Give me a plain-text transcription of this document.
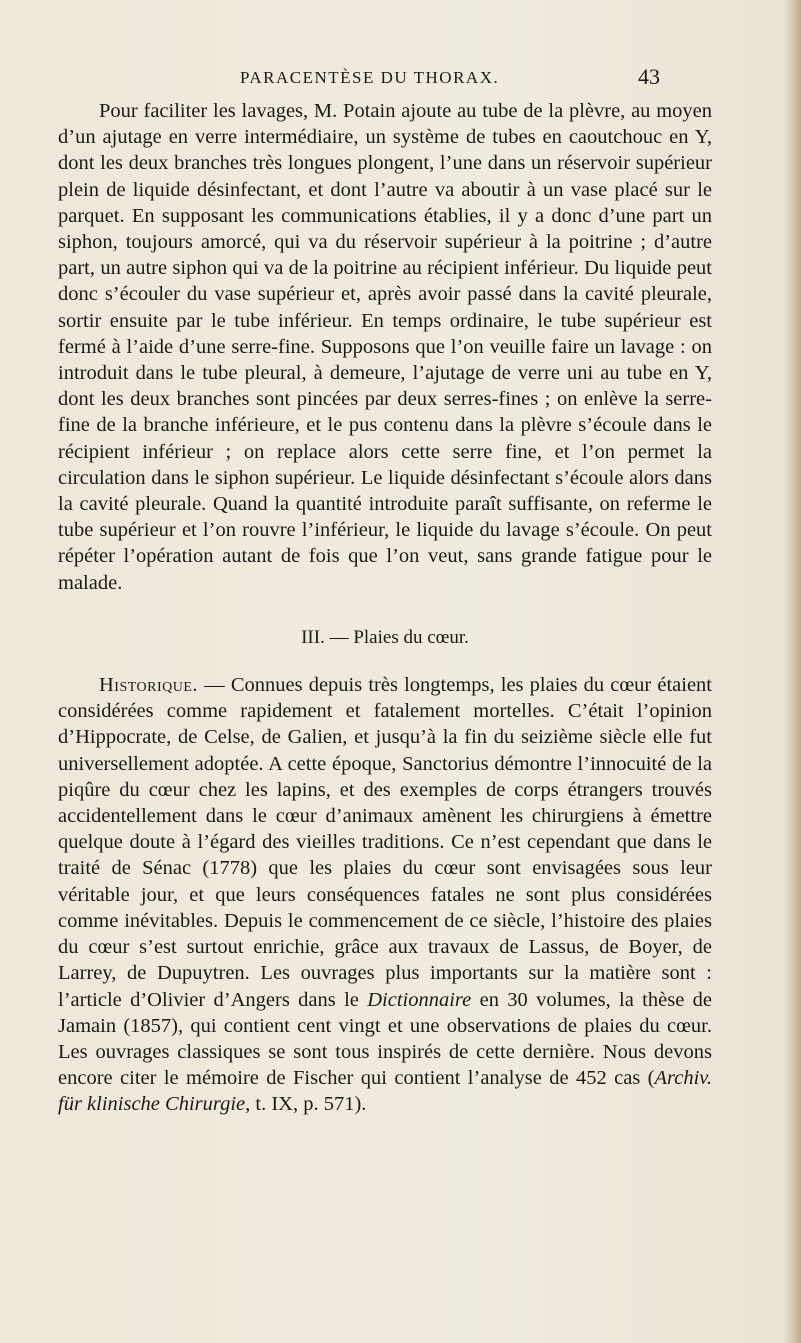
PARACENTÈSE DU THORAX.	43

Pour faciliter les lavages, M. Potain ajoute au tube de la plèvre, au moyen d’un ajutage en verre intermédiaire, un système de tubes en caoutchouc en Y, dont les deux branches très longues plongent, l’une dans un réservoir supérieur plein de liquide désinfectant, et dont l’autre va aboutir à un vase placé sur le parquet. En supposant les communications établies, il y a donc d’une part un siphon, toujours amorcé, qui va du réservoir supérieur à la poitrine ; d’autre part, un autre siphon qui va de la poitrine au récipient inférieur. Du liquide peut donc s’écouler du vase supérieur et, après avoir passé dans la cavité pleurale, sortir ensuite par le tube inférieur. En temps ordinaire, le tube supérieur est fermé à l’aide d’une serre-fine. Supposons que l’on veuille faire un lavage : on introduit dans le tube pleural, à demeure, l’ajutage de verre uni au tube en Y, dont les deux branches sont pincées par deux serres-fines ; on enlève la serre-fine de la branche inférieure, et le pus contenu dans la plèvre s’écoule dans le récipient inférieur ; on replace alors cette serre fine, et l’on permet la circulation dans le siphon supérieur. Le liquide désinfectant s’écoule alors dans la cavité pleurale. Quand la quantité introduite paraît suffisante, on referme le tube supérieur et l’on rouvre l’inférieur, le liquide du lavage s’écoule. On peut répéter l’opération autant de fois que l’on veut, sans grande fatigue pour le malade.

III. — Plaies du cœur.

Historique. — Connues depuis très longtemps, les plaies du cœur étaient considérées comme rapidement et fatalement mortelles. C’était l’opinion d’Hippocrate, de Celse, de Galien, et jusqu’à la fin du seizième siècle elle fut universellement adoptée. A cette époque, Sanctorius démontre l’innocuité de la piqûre du cœur chez les lapins, et des exemples de corps étrangers trouvés accidentellement dans le cœur d’animaux amènent les chirurgiens à émettre quelque doute à l’égard des vieilles traditions. Ce n’est cependant que dans le traité de Sénac (1778) que les plaies du cœur sont envisagées sous leur véritable jour, et que leurs conséquences fatales ne sont plus considérées comme inévitables. Depuis le commencement de ce siècle, l’histoire des plaies du cœur s’est surtout enrichie, grâce aux travaux de Lassus, de Boyer, de Larrey, de Dupuytren. Les ouvrages plus importants sur la matière sont : l’article d’Olivier d’Angers dans le Dictionnaire en 30 volumes, la thèse de Jamain (1857), qui contient cent vingt et une observations de plaies du cœur. Les ouvrages classiques se sont tous inspirés de cette dernière. Nous devons encore citer le mémoire de Fischer qui contient l’analyse de 452 cas (Archiv. für klinische Chirurgie, t. IX, p. 571).
